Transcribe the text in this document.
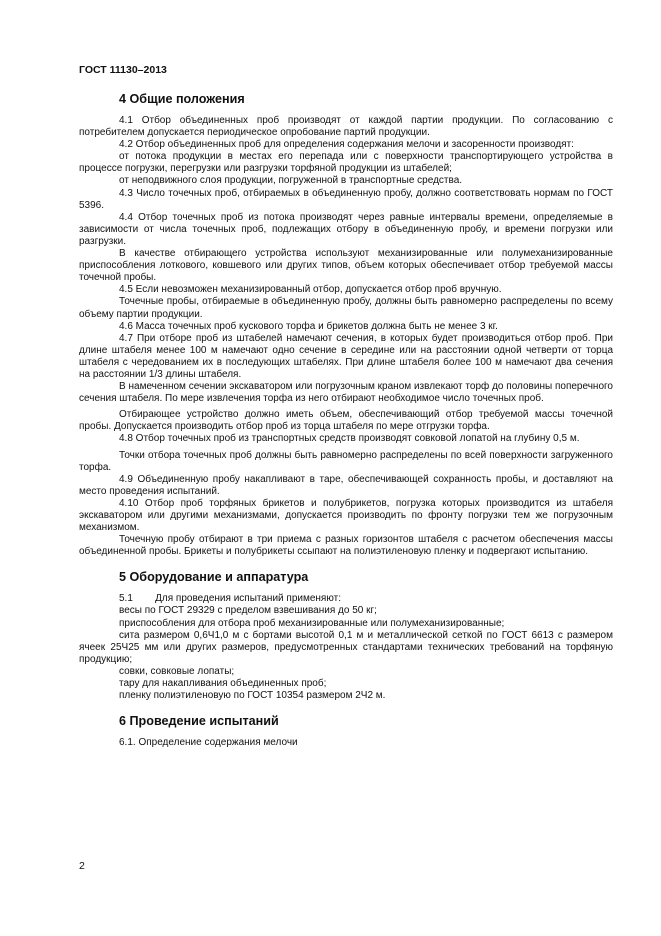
ГОСТ 11130–2013
4 Общие положения

4.1 Отбор объединенных проб производят от каждой партии продукции. По согласованию с потребителем допускается периодическое опробование партий продукции.

4.2 Отбор объединенных проб для определения содержания мелочи и засоренности производят:

от потока продукции в местах его перепада или с поверхности транспортирующего устройства в процессе погрузки, перегрузки или разгрузки торфяной продукции из штабелей;

от неподвижного слоя продукции, погруженной в транспортные средства.

4.3 Число точечных проб, отбираемых в объединенную пробу, должно соответствовать нормам по ГОСТ 5396.

4.4 Отбор точечных проб из потока производят через равные интервалы времени, определяемые в зависимости от числа точечных проб, подлежащих отбору в объединенную пробу, и времени погрузки или разгрузки.

В качестве отбирающего устройства используют механизированные или полумеханизированные приспособления лоткового, ковшевого или других типов, объем которых обеспечивает отбор требуемой массы точечной пробы.

4.5 Если невозможен механизированный отбор, допускается отбор проб вручную.

Точечные пробы, отбираемые в объединенную пробу, должны быть равномерно распределены по всему объему партии продукции.

4.6 Масса точечных проб кускового торфа и брикетов должна быть не менее 3 кг.

4.7 При отборе проб из штабелей намечают сечения, в которых будет производиться отбор проб. При длине штабеля менее 100 м намечают одно сечение в середине или на расстоянии одной четверти от торца штабеля с чередованием их в последующих штабелях. При длине штабеля более 100 м намечают два сечения на расстоянии 1/3 длины штабеля.

В намеченном сечении экскаватором или погрузочным краном извлекают торф до половины поперечного сечения штабеля. По мере извлечения торфа из него отбирают необходимое число точечных проб.

Отбирающее устройство должно иметь объем, обеспечивающий отбор требуемой массы точечной пробы. Допускается производить отбор проб из торца штабеля по мере отгрузки торфа.

4.8 Отбор точечных проб из транспортных средств производят совковой лопатой на глубину 0,5 м.

Точки отбора точечных проб должны быть равномерно распределены по всей поверхности загруженного торфа.

4.9 Объединенную пробу накапливают в таре, обеспечивающей сохранность пробы, и доставляют на место проведения испытаний.

4.10 Отбор проб торфяных брикетов и полубрикетов, погрузка которых производится из штабеля экскаватором или другими механизмами, допускается производить по фронту погрузки тем же погрузочным механизмом.

Точечную пробу отбирают в три приема с разных горизонтов штабеля с расчетом обеспечения массы объединенной пробы. Брикеты и полубрикеты ссыпают на полиэтиленовую пленку и подвергают испытанию.

5 Оборудование и аппаратура

5.1        Для проведения испытаний применяют:

весы по ГОСТ 29329 с пределом взвешивания до 50 кг;

приспособления для отбора проб механизированные или полумеханизированные;

сита размером 0,6Ч1,0 м с бортами высотой 0,1 м и металлической сеткой по ГОСТ 6613 с размером ячеек 25Ч25 мм или других размеров, предусмотренных стандартами технических требований на торфяную продукцию;

совки, совковые лопаты;

тару для накапливания объединенных проб;

пленку полиэтиленовую по ГОСТ 10354 размером 2Ч2 м.

6 Проведение испытаний

6.1. Определение содержания мелочи

2
